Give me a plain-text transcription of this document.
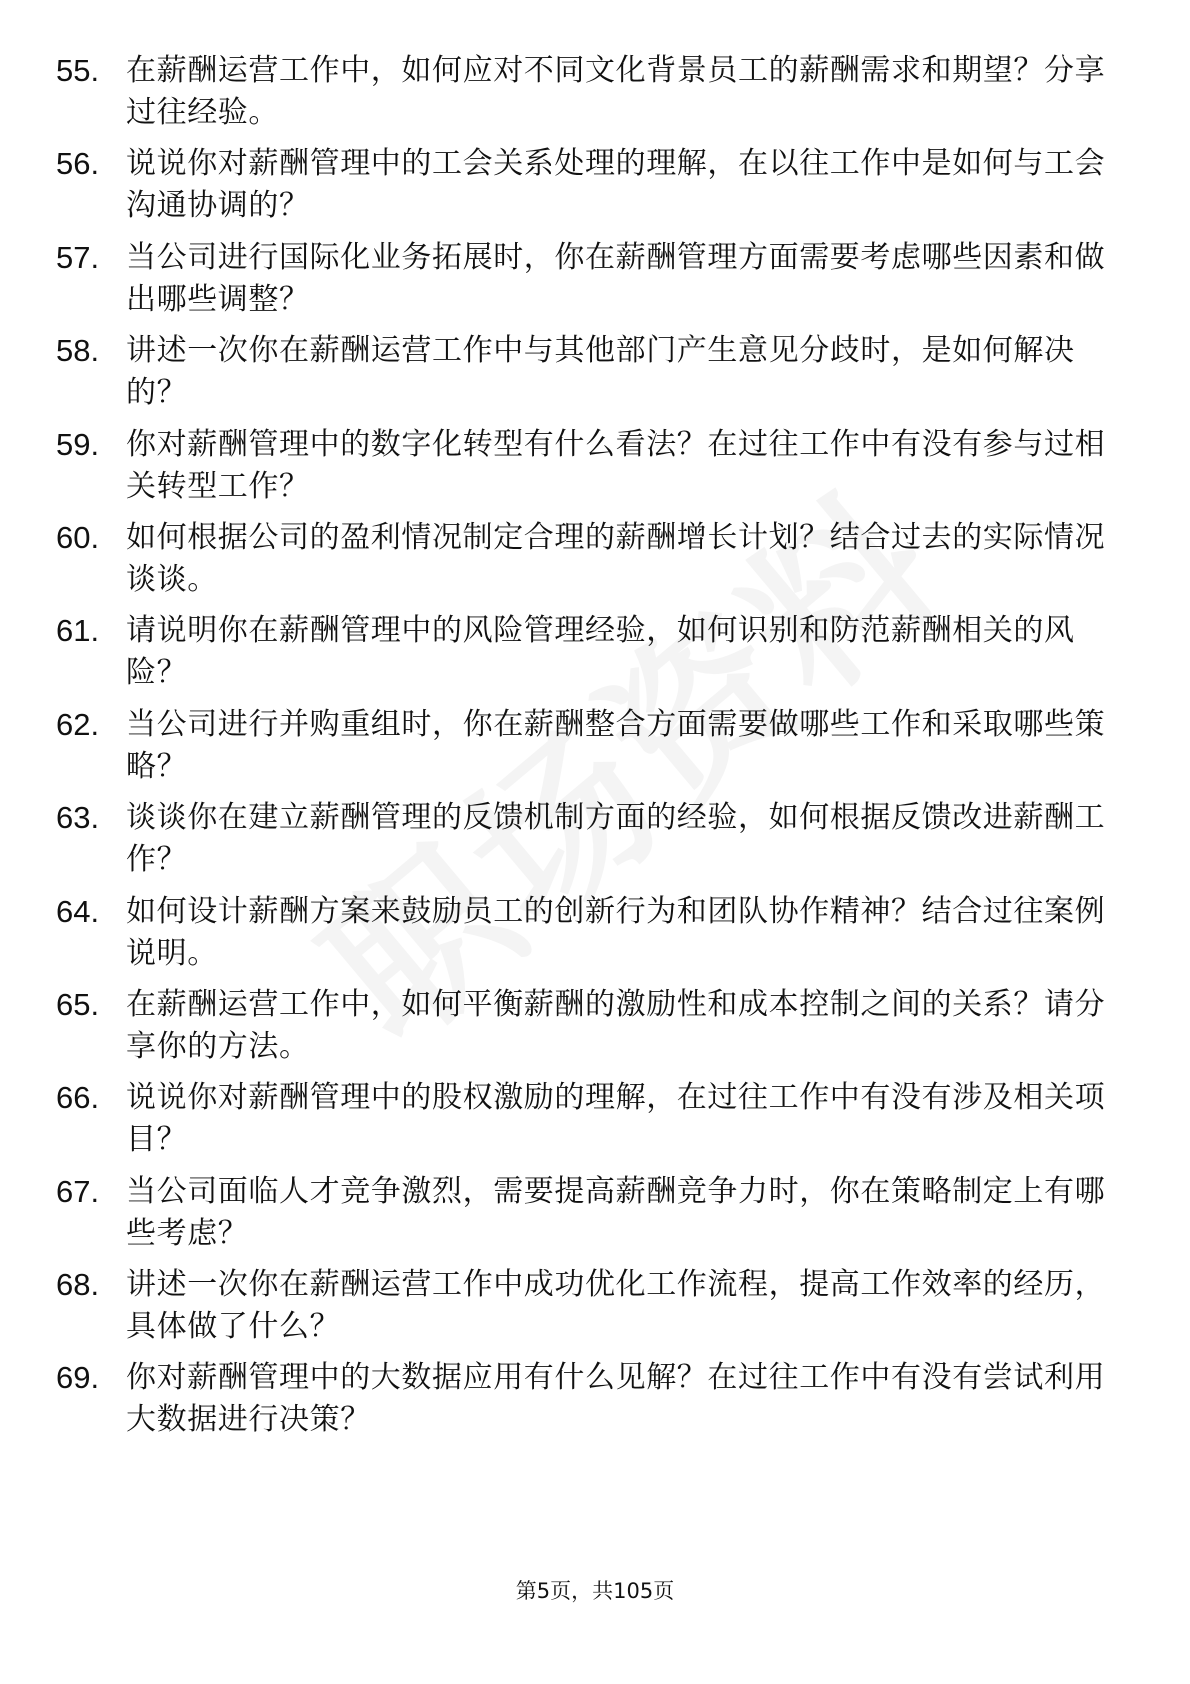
55. 在薪酬运营工作中，如何应对不同文化背景员工的薪酬需求和期望？分享过往经验。
56. 说说你对薪酬管理中的工会关系处理的理解，在以往工作中是如何与工会沟通协调的？
57. 当公司进行国际化业务拓展时，你在薪酬管理方面需要考虑哪些因素和做出哪些调整？
58. 讲述一次你在薪酬运营工作中与其他部门产生意见分歧时，是如何解决的？
59. 你对薪酬管理中的数字化转型有什么看法？在过往工作中有没有参与过相关转型工作？
60. 如何根据公司的盈利情况制定合理的薪酬增长计划？结合过去的实际情况谈谈。
61. 请说明你在薪酬管理中的风险管理经验，如何识别和防范薪酬相关的风险？
62. 当公司进行并购重组时，你在薪酬整合方面需要做哪些工作和采取哪些策略？
63. 谈谈你在建立薪酬管理的反馈机制方面的经验，如何根据反馈改进薪酬工作？
64. 如何设计薪酬方案来鼓励员工的创新行为和团队协作精神？结合过往案例说明。
65. 在薪酬运营工作中，如何平衡薪酬的激励性和成本控制之间的关系？请分享你的方法。
66. 说说你对薪酬管理中的股权激励的理解，在过往工作中有没有涉及相关项目？
67. 当公司面临人才竞争激烈，需要提高薪酬竞争力时，你在策略制定上有哪些考虑？
68. 讲述一次你在薪酬运营工作中成功优化工作流程，提高工作效率的经历，具体做了什么？
69. 你对薪酬管理中的大数据应用有什么见解？在过往工作中有没有尝试利用大数据进行决策？
第5页，共105页
